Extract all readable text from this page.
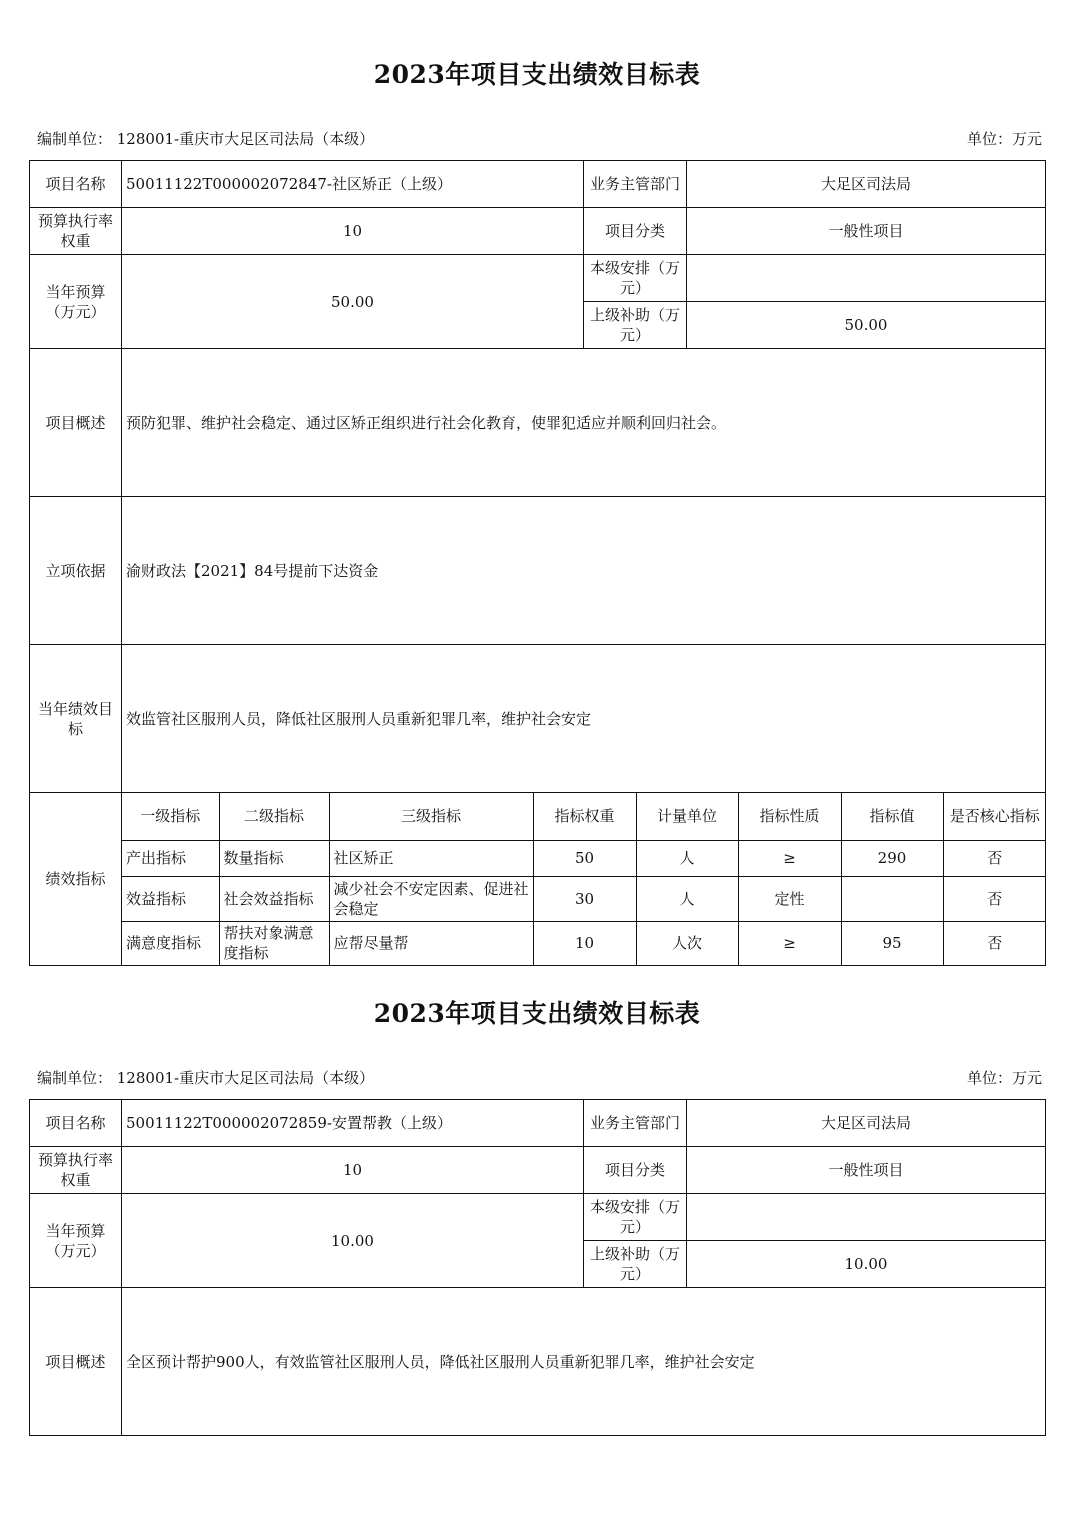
2023年项目支出绩效目标表
编制单位： 128001-重庆市大足区司法局（本级）	单位：万元
项目名称	50011122T000002072847-社区矫正（上级）	业务主管部门	大足区司法局
预算执行率权重	10	项目分类	一般性项目
当年预算（万元）	50.00	本级安排（万元）	
上级补助（万元）	50.00
项目概述	预防犯罪、维护社会稳定、通过区矫正组织进行社会化教育，使罪犯适应并顺利回归社会。
立项依据	渝财政法【2021】84号提前下达资金
当年绩效目标	效监管社区服刑人员，降低社区服刑人员重新犯罪几率，维护社会安定
绩效指标	
一级指标	二级指标	三级指标	指标权重	计量单位	指标性质	指标值	是否核心指标
产出指标	数量指标	社区矫正	50	人	≥	290	否
效益指标	社会效益指标	减少社会不安定因素、促进社会稳定	30	人	定性		否
满意度指标	帮扶对象满意度指标	应帮尽量帮	10	人次	≥	95	否
2023年项目支出绩效目标表
编制单位： 128001-重庆市大足区司法局（本级）	单位：万元
项目名称	50011122T000002072859-安置帮教（上级）	业务主管部门	大足区司法局
预算执行率权重	10	项目分类	一般性项目
当年预算（万元）	10.00	本级安排（万元）	
		上级补助（万元）	10.00
项目概述	全区预计帮护900人，有效监管社区服刑人员，降低社区服刑人员重新犯罪几率，维护社会安定		
